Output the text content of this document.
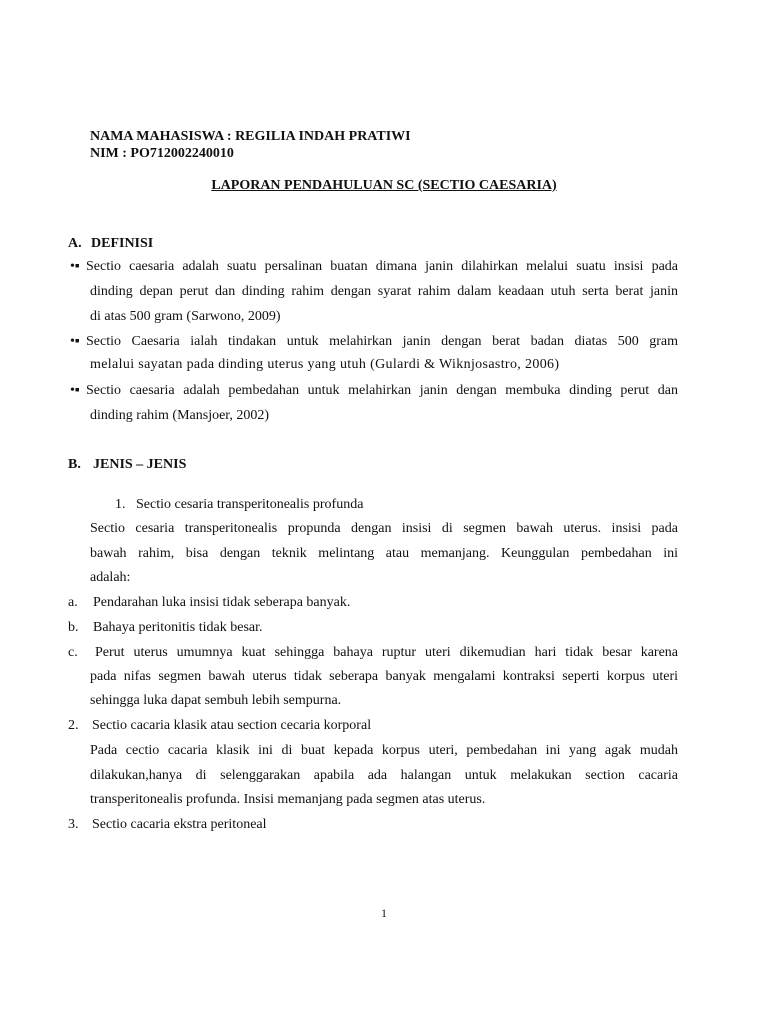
NAMA MAHASISWA : REGILIA INDAH PRATIWI
NIM : PO712002240010
LAPORAN PENDAHULUAN SC (SECTIO CAESARIA)
A. DEFINISI
•▪ Sectio caesaria adalah suatu persalinan buatan dimana janin dilahirkan melalui suatu insisi pada
dinding depan perut dan dinding rahim dengan syarat rahim dalam keadaan utuh serta berat janin
di atas 500 gram (Sarwono, 2009)
•▪ Sectio Caesaria ialah tindakan untuk melahirkan janin dengan berat badan diatas 500 gram
melalui sayatan pada dinding uterus yang utuh (Gulardi & Wiknjosastro, 2006)
•▪ Sectio caesaria adalah pembedahan untuk melahirkan janin dengan membuka dinding perut dan
dinding rahim (Mansjoer, 2002)
B. JENIS – JENIS
1. Sectio cesaria transperitonealis profunda
Sectio cesaria transperitonealis propunda dengan insisi di segmen bawah uterus. insisi pada
bawah rahim, bisa dengan teknik melintang atau memanjang. Keunggulan pembedahan ini
adalah:
a. Pendarahan luka insisi tidak seberapa banyak.
b. Bahaya peritonitis tidak besar.
c. Perut uterus umumnya kuat sehingga bahaya ruptur uteri dikemudian hari tidak besar karena
pada nifas segmen bawah uterus tidak seberapa banyak mengalami kontraksi seperti korpus uteri
sehingga luka dapat sembuh lebih sempurna.
2. Sectio cacaria klasik atau section cecaria korporal
Pada cectio cacaria klasik ini di buat kepada korpus uteri, pembedahan ini yang agak mudah
dilakukan,hanya di selenggarakan apabila ada halangan untuk melakukan section cacaria
transperitonealis profunda. Insisi memanjang pada segmen atas uterus.
3. Sectio cacaria ekstra peritoneal
1
